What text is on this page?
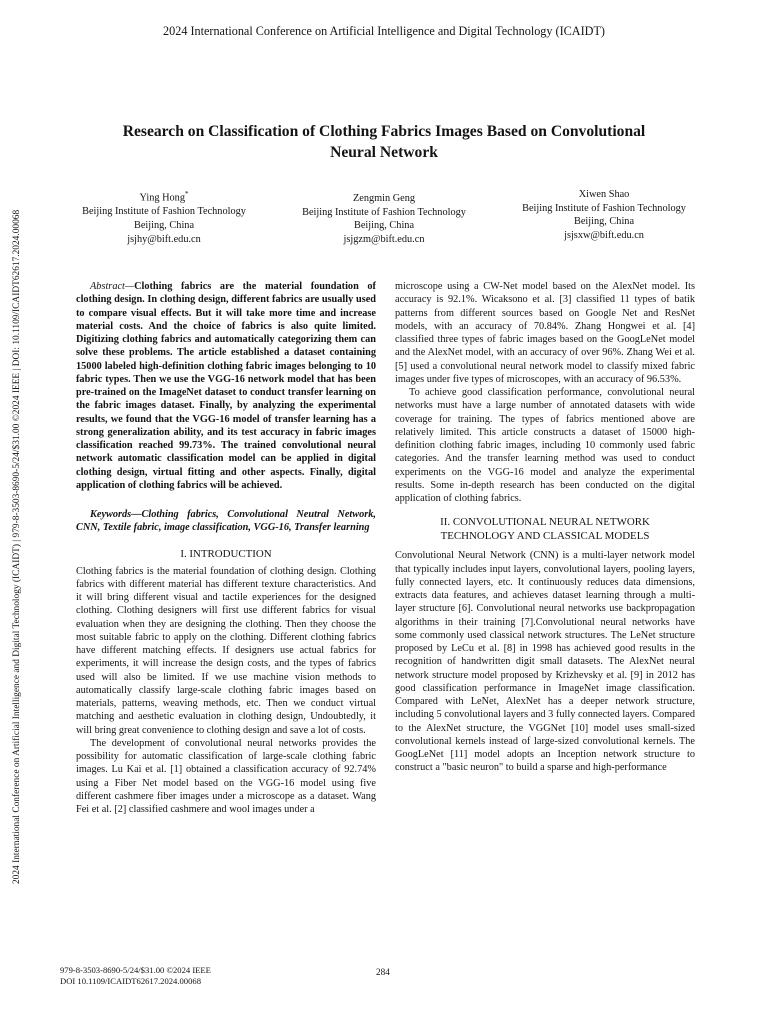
2024 International Conference on Artificial Intelligence and Digital Technology (ICAIDT)
2024 International Conference on Artificial Intelligence and Digital Technology (ICAIDT) | 979-8-3503-8690-5/24/$31.00 ©2024 IEEE | DOI: 10.1109/ICAIDT62617.2024.00068
Research on Classification of Clothing Fabrics Images Based on Convolutional
Neural Network
Ying Hong*
Beijing Institute of Fashion Technology
Beijing, China
jsjhy@bift.edu.cn
Zengmin Geng
Beijing Institute of Fashion Technology
Beijing, China
jsjgzm@bift.edu.cn
Xiwen Shao
Beijing Institute of Fashion Technology
Beijing, China
jsjsxw@bift.edu.cn

Abstract—Clothing fabrics are the material foundation of clothing design. In clothing design, different fabrics are usually used to compare visual effects. But it will take more time and increase material costs. And the choice of fabrics is also quite limited. Digitizing clothing fabrics and automatically categorizing them can solve these problems. The article established a dataset containing 15000 labeled high-definition clothing fabric images belonging to 10 fabric types. Then we use the VGG-16 network model that has been pre-trained on the ImageNet dataset to conduct transfer learning on the fabric images dataset. Finally, by analyzing the experimental results, we found that the VGG-16 model of transfer learning has a strong generalization ability, and its test accuracy in fabric images classification reached 99.73%. The trained convolutional neural network automatic classification model can be applied in digital clothing design, virtual fitting and other aspects. Finally, digital application of clothing fabrics will be achieved.

Keywords—Clothing fabrics, Convolutional Neutral Network, CNN, Textile fabric, image classification, VGG-16, Transfer learning

I. INTRODUCTION

Clothing fabrics is the material foundation of clothing design. Clothing fabrics with different material has different texture characteristics. And it will bring different visual and tactile experiences for the designed clothing. Clothing designers will first use different fabrics for visual evaluation when they are designing the clothing. Then they choose the most suitable fabric to apply on the clothing. Different clothing fabrics have different matching effects. If designers use actual fabrics for experiments, it will increase the design costs, and the types of fabrics used will also be limited. If we use machine vision methods to automatically classify large-scale clothing fabric images based on materials, patterns, weaving methods, etc. Then we conduct virtual matching and aesthetic evaluation in clothing design, Undoubtedly, it will bring great convenience to clothing design and save a lot of costs.

The development of convolutional neural networks provides the possibility for automatic classification of large-scale clothing fabric images. Lu Kai et al. [1] obtained a classification accuracy of 92.74% using a Fiber Net model based on the VGG-16 model using five different cashmere fiber images under a microscope as a dataset. Wang Fei et al. [2] classified cashmere and wool images under a

microscope using a CW-Net model based on the AlexNet model. Its accuracy is 92.1%. Wicaksono et al. [3] classified 11 types of batik patterns from different sources based on Google Net and ResNet models, with an accuracy of 70.84%. Zhang Hongwei et al. [4] classified three types of fabric images based on the GoogLeNet model and the AlexNet model, with an accuracy of over 96%. Zhang Wei et al. [5] used a convolutional neural network model to classify mixed fabric images under five types of microscopes, with an accuracy of 96.53%.

To achieve good classification performance, convolutional neural networks must have a large number of annotated datasets with wide coverage for training. The types of fabrics mentioned above are relatively limited. This article constructs a dataset of 15000 high-definition clothing fabric images, including 10 commonly used fabric categories. And the transfer learning method was used to conduct experiments on the VGG-16 model and analyze the experimental results. Some in-depth research has been conducted on the digital application of clothing fabrics.

II. CONVOLUTIONAL NEURAL NETWORK
TECHNOLOGY AND CLASSICAL MODELS

Convolutional Neural Network (CNN) is a multi-layer network model that typically includes input layers, convolutional layers, pooling layers, fully connected layers, etc. It continuously reduces data dimensions, extracts data features, and achieves dataset learning through a multi-layer structure [6]. Convolutional neural networks use backpropagation algorithms in their training [7].Convolutional neural networks have some commonly used classical network structures. The LeNet structure proposed by LeCu et al. [8] in 1998 has achieved good results in the recognition of handwritten digit small datasets. The AlexNet neural network structure model proposed by Krizhevsky et al. [9] in 2012 has good classification performance in ImageNet image classification. Compared with LeNet, AlexNet has a deeper network structure, including 5 convolutional layers and 3 fully connected layers. Compared to the AlexNet structure, the VGGNet [10] model uses small-sized convolutional kernels instead of large-sized convolutional kernels. The GoogLeNet [11] model adopts an Inception network structure to construct a "basic neuron" to build a sparse and high-performance

979-8-3503-8690-5/24/$31.00 ©2024 IEEE
DOI 10.1109/ICAIDT62617.2024.00068
284
